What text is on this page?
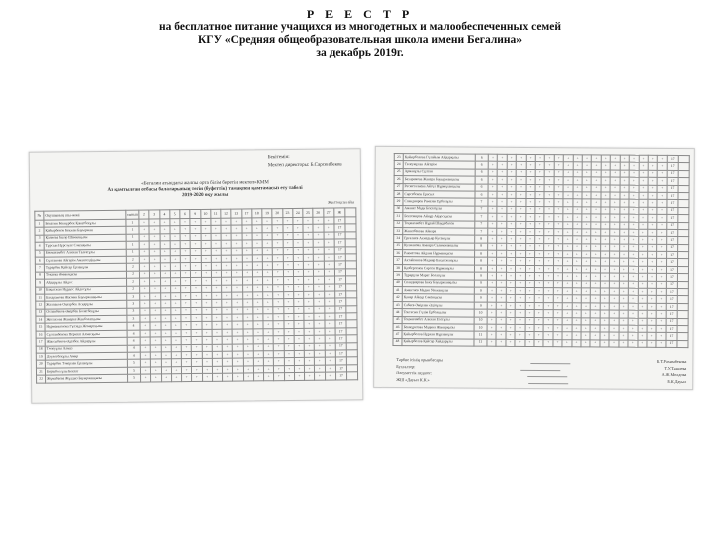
Р Е Е С Т Р
на бесплатное питание учащихся из многодетных и малообеспеченных семей
КГУ «Средняя общеобразовательная школа имени Бегалина»
за декабрь 2019г.
Бекітемін:
Мектеп директоры: Б.Сарсенбеков
«Бегалин атындағы жалпы орта білім беретін мектеп»КММ
Аз қамтылған отбасы балаларының тегін (буфеттік) тамақпен қамтамасыз ету табелі
2019-2020 оқу жылы
Желтоқсан айы
№	Оқушының аты-жөні	сынып	2	3	4	5	6	9	10	11	12	13	17	18	19	20	23	24	25	26	27	Ж	
1	Бекатин Бекнұрбек Қанатбекұлы	1	+	+	+	+	+	+	+	+	+	+	+	+	+	+	+	+	+	+	+	17	
2	Қайырбеков Бекжан Бауыржан	1	+	+	+	+	+	+	+	+	+	+	+	+	+	+	+	+	+	+	+	17	
3	Қалиева Іңкәр Шамилқызы	1	+	+	+	+	+	+	+	+	+	+	+	+	+	+	+	+	+	+	+	17	
4	Тұрсын Нұрсәуле Сәкенқызы	1	+	+	+	+	+	+	+	+	+	+	+	+	+	+	+	+	+	+	+	17	
5	Бекмағамбет Алихан Талғатұлы	1	+	+	+	+	+	+	+	+	+	+	+	+	+	+	+	+	+	+	+	17	
6	Сұлтанова Айгерім Амангелдіқызы	2	+	+	+	+	+	+	+	+	+	+	+	+	+	+	+	+	+	+	+	17	
7	Тұрарбек Қайсар Ерланұлы	2	+	+	+	+	+	+	+	+	+	+	+	+	+	+	+	+	+	+	+	17	
8	Токаева Әминәқызы	2	+	+	+	+	+	+	+	+	+	+	+	+	+	+	+	+	+	+	+	17	
9	Айдарұлы Айдос	2	+	+	+	+	+	+	+	+	+	+	+	+	+	+	+	+	+	+	+	17	
10	Бақытжан Нұрдос Айдосұлы	2	+	+	+	+	+	+	+	+	+	+	+	+	+	+	+	+	+	+	+	17	
11	Бахарамова Жасмин Бауыржанқызы	3	+	+	+	+	+	+	+	+	+	+	+	+	+	+	+	+	+	+	+	17	
12	Жалпаков Оңғарбек Асқарұлы	3	+	+	+	+	+	+	+	+	+	+	+	+	+	+	+	+	+	+	+	17	
13	Оспанбеков Әмірбек Болатбекұлы	3	+	+	+	+	+	+	+	+	+	+	+	+	+	+	+	+	+	+	+	17	
14	Жетпісова Жанерке Жанболатқызы	3	+	+	+	+	+	+	+	+	+	+	+	+	+	+	+	+	+	+	+	17	
15	Нұрманкенова Гүлзада Жомартқызы	4	+	+	+	+	+	+	+	+	+	+	+	+	+	+	+	+	+	+	+	17	
16	Сұлтанбекова Перизат Алмасқызы	4	+	+	+	+	+	+	+	+	+	+	+	+	+	+	+	+	+	+	+	17	
17	Жаксыбеков Әділбек Айдарұлы	4	+	+	+	+	+	+	+	+	+	+	+	+	+	+	+	+	+	+	+	17	
18	Төлеуұлы Алмаз	4	+	+	+	+	+	+	+	+	+	+	+	+	+	+	+	+	+	+	+	17	
19	Дәулетбекұлы Амир	4	+	+	+	+	+	+	+	+	+	+	+	+	+	+	+	+	+	+	+	17	
20	Тұрарбек Тәмірлан Ерланұлы	5	+	+	+	+	+	+	+	+	+	+	+	+	+	+	+	+	+	+	+	17	
21	Берікбол ұлы Бекзат	5	+	+	+	+	+	+	+	+	+	+	+	+	+	+	+	+	+	+	+	17	
22	Жұмабаева Жұлдыз Бауыржанқызы	5	+	+	+	+	+	+	+	+	+	+	+	+	+	+	+	+	+	+	+	17	
23	Қайырболова Гүлайым Айдарқызы	6	+	+	+	+	+	+	+	+	+	+	+	+	+	+	+	+	+	+	+	17	
24	Төлеумұхан Айгерім	6	+	+	+	+	+	+	+	+	+	+	+	+	+	+	+	+	+	+	+	17	
25	Арманұлы Сұлтан	6	+	+	+	+	+	+	+	+	+	+	+	+	+	+	+	+	+	+	+	17	
26	Бахарамова Жанера Бауыржанқызы	6	+	+	+	+	+	+	+	+	+	+	+	+	+	+	+	+	+	+	+	17	
27	Расметалиева Айгүл Нұрмұханқызы	6	+	+	+	+	+	+	+	+	+	+	+	+	+	+	+	+	+	+	+	17	
28	Сәрсебеков Ерасыл	6	+	+	+	+	+	+	+	+	+	+	+	+	+	+	+	+	+	+	+	17	
29	Спандияров Рамазан Ерболұлы	7	+	+	+	+	+	+	+	+	+	+	+	+	+	+	+	+	+	+	+	17	
30	Аманат Мади Бекзатұлы	7	+	+	+	+	+	+	+	+	+	+	+	+	+	+	+	+	+	+	+	17	
31	Бектемиров Айнұр Айдосқызы	7	+	+	+	+	+	+	+	+	+	+	+	+	+	+	+	+	+	+	+	17	
32	Тоқмағамбет Нұрай Шаудебасов	7	+	+	+	+	+	+	+	+	+	+	+	+	+	+	+	+	+	+	+	17	
33	Жанатбекова Айнара	7	+	+	+	+	+	+	+	+	+	+	+	+	+	+	+	+	+	+	+	17	
34	Ерғалиев Ахмедьяр Кусенұлы	8	+	+	+	+	+	+	+	+	+	+	+	+	+	+	+	+	+	+	+	17	
35	Кулжанова Амнара Салимжанқызы	8	+	+	+	+	+	+	+	+	+	+	+	+	+	+	+	+	+	+	+	17	
36	Ракметова Айдана Нұрманқызы	8	+	+	+	+	+	+	+	+	+	+	+	+	+	+	+	+	+	+	+	17	
37	Актайпанов Мадияр Бахытжанұлы	8	+	+	+	+	+	+	+	+	+	+	+	+	+	+	+	+	+	+	+	17	
38	Қазбергенов Сәрсен Нұрманұлы	8	+	+	+	+	+	+	+	+	+	+	+	+	+	+	+	+	+	+	+	17	
39	Тұрарұлы Марат Болатұлы	9	+	+	+	+	+	+	+	+	+	+	+	+	+	+	+	+	+	+	+	17	
40	Спандиярова Інжу Бауыржанқызы	9	+	+	+	+	+	+	+	+	+	+	+	+	+	+	+	+	+	+	+	17	
41	Амантаев Мадия Уекжанұлы	9	+	+	+	+	+	+	+	+	+	+	+	+	+	+	+	+	+	+	+	17	
42	Қанар Айнур Сәкенқызы	9	+	+	+	+	+	+	+	+	+	+	+	+	+	+	+	+	+	+	+	17	
43	Сабаев Әмірлан Әділұлы	9	+	+	+	+	+	+	+	+	+	+	+	+	+	+	+	+	+	+	+	17	
44	Токтасын Гүлім Ерболқызы	10	+	+	+	+	+	+	+	+	+	+	+	+	+	+	+	+	+	+	+	17	
45	Тоқмағамбет Алихан Есетұлы	10	+	+	+	+	+	+	+	+	+	+	+	+	+	+	+	+	+	+	+	17	
46	Бекмұратова Мадина Жанарқызы	10	+	+	+	+	+	+	+	+	+	+	+	+	+	+	+	+	+	+	+	17	
47	Қайырболов Нұрхан Нұрланұлы	11	+	+	+	+	+	+	+	+	+	+	+	+	+	+	+	+	+	+	+	17	
48	Қайырболов Қайсар Хайдарұлы	11	+	+	+	+	+	+	+	+	+	+	+	+	+	+	+	+	+	+	+	17	
Тәрбие ісінің орынбасары	Б.Т.Рахимбекова
Бухгалтер:	Т.У.Тәжиева
Әлеуметтік педагог:	А.Ж.Молдова
ЖШ «Дауыл К.К.»	Б.К.Дауыл
